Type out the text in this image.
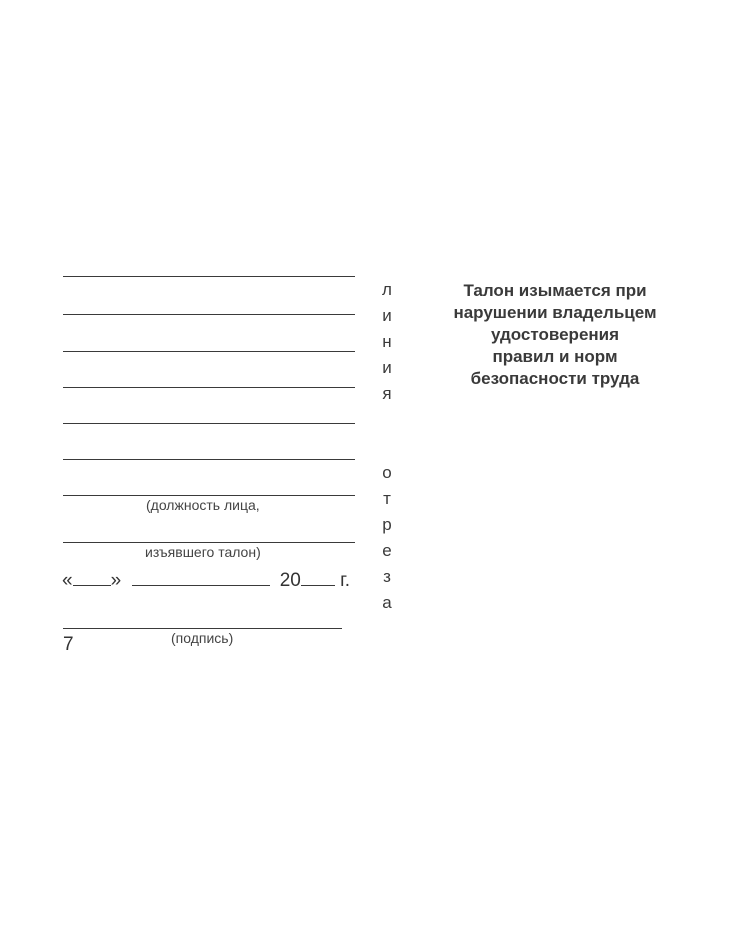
(должность лица,
изъявшего талон)
« »	20 г.
(подпись)
7
л
и
н
и
я
о
т
р
е
з
а
Талон изымается при
нарушении владельцем
удостоверения
правил и норм
безопасности труда
